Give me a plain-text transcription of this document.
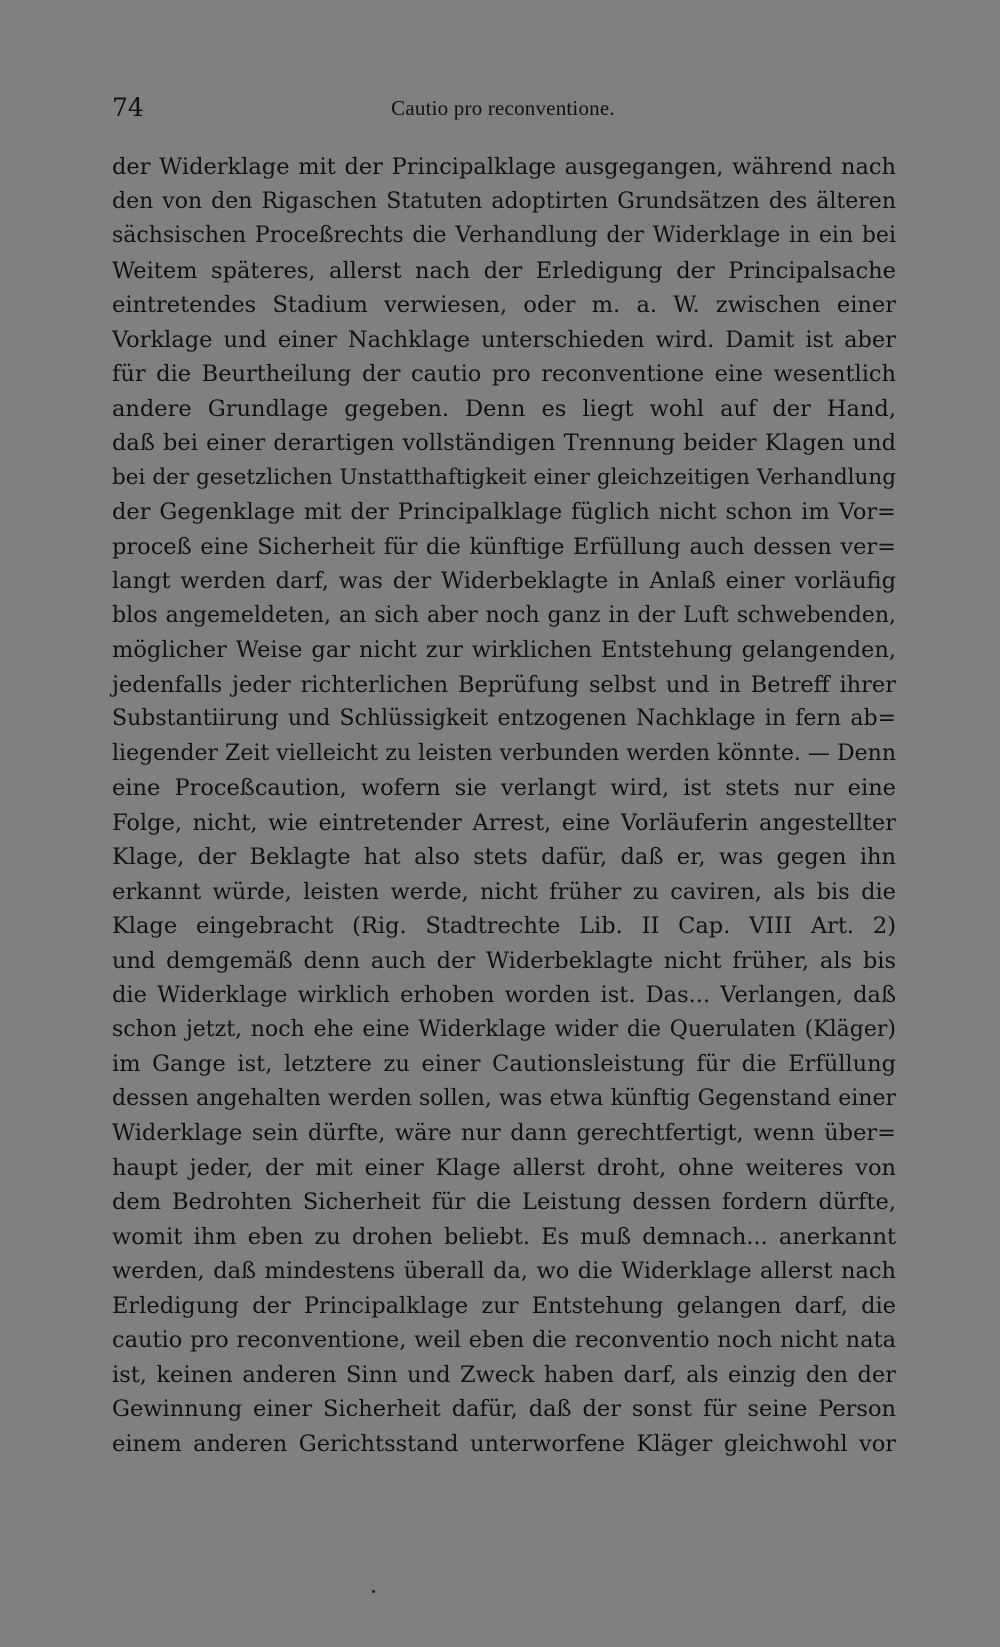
74	Cautio pro reconventione.
der Widerklage mit der Principalklage ausgegangen, während nach
den von den Rigaschen Statuten adoptirten Grundsätzen des älteren
sächsischen Proceßrechts die Verhandlung der Widerklage in ein bei
Weitem späteres, allerst nach der Erledigung der Principalsache
eintretendes Stadium verwiesen, oder m. a. W. zwischen einer
Vorklage und einer Nachklage unterschieden wird. Damit ist aber
für die Beurtheilung der cautio pro reconventione eine wesentlich
andere Grundlage gegeben. Denn es liegt wohl auf der Hand,
daß bei einer derartigen vollständigen Trennung beider Klagen und
bei der gesetzlichen Unstatthaftigkeit einer gleichzeitigen Verhandlung
der Gegenklage mit der Principalklage füglich nicht schon im Vor=
proceß eine Sicherheit für die künftige Erfüllung auch dessen ver=
langt werden darf, was der Widerbeklagte in Anlaß einer vorläufig
blos angemeldeten, an sich aber noch ganz in der Luft schwebenden,
möglicher Weise gar nicht zur wirklichen Entstehung gelangenden,
jedenfalls jeder richterlichen Beprüfung selbst und in Betreff ihrer
Substantiirung und Schlüssigkeit entzogenen Nachklage in fern ab=
liegender Zeit vielleicht zu leisten verbunden werden könnte. — Denn
eine Proceßcaution, wofern sie verlangt wird, ist stets nur eine
Folge, nicht, wie eintretender Arrest, eine Vorläuferin angestellter
Klage, der Beklagte hat also stets dafür, daß er, was gegen ihn
erkannt würde, leisten werde, nicht früher zu caviren, als bis die
Klage eingebracht (Rig. Stadtrechte Lib. II Cap. VIII Art. 2)
und demgemäß denn auch der Widerbeklagte nicht früher, als bis
die Widerklage wirklich erhoben worden ist. Das... Verlangen, daß
schon jetzt, noch ehe eine Widerklage wider die Querulaten (Kläger)
im Gange ist, letztere zu einer Cautionsleistung für die Erfüllung
dessen angehalten werden sollen, was etwa künftig Gegenstand einer
Widerklage sein dürfte, wäre nur dann gerechtfertigt, wenn über=
haupt jeder, der mit einer Klage allerst droht, ohne weiteres von
dem Bedrohten Sicherheit für die Leistung dessen fordern dürfte,
womit ihm eben zu drohen beliebt. Es muß demnach... anerkannt
werden, daß mindestens überall da, wo die Widerklage allerst nach
Erledigung der Principalklage zur Entstehung gelangen darf, die
cautio pro reconventione, weil eben die reconventio noch nicht nata
ist, keinen anderen Sinn und Zweck haben darf, als einzig den der
Gewinnung einer Sicherheit dafür, daß der sonst für seine Person
einem anderen Gerichtsstand unterworfene Kläger gleichwohl vor
